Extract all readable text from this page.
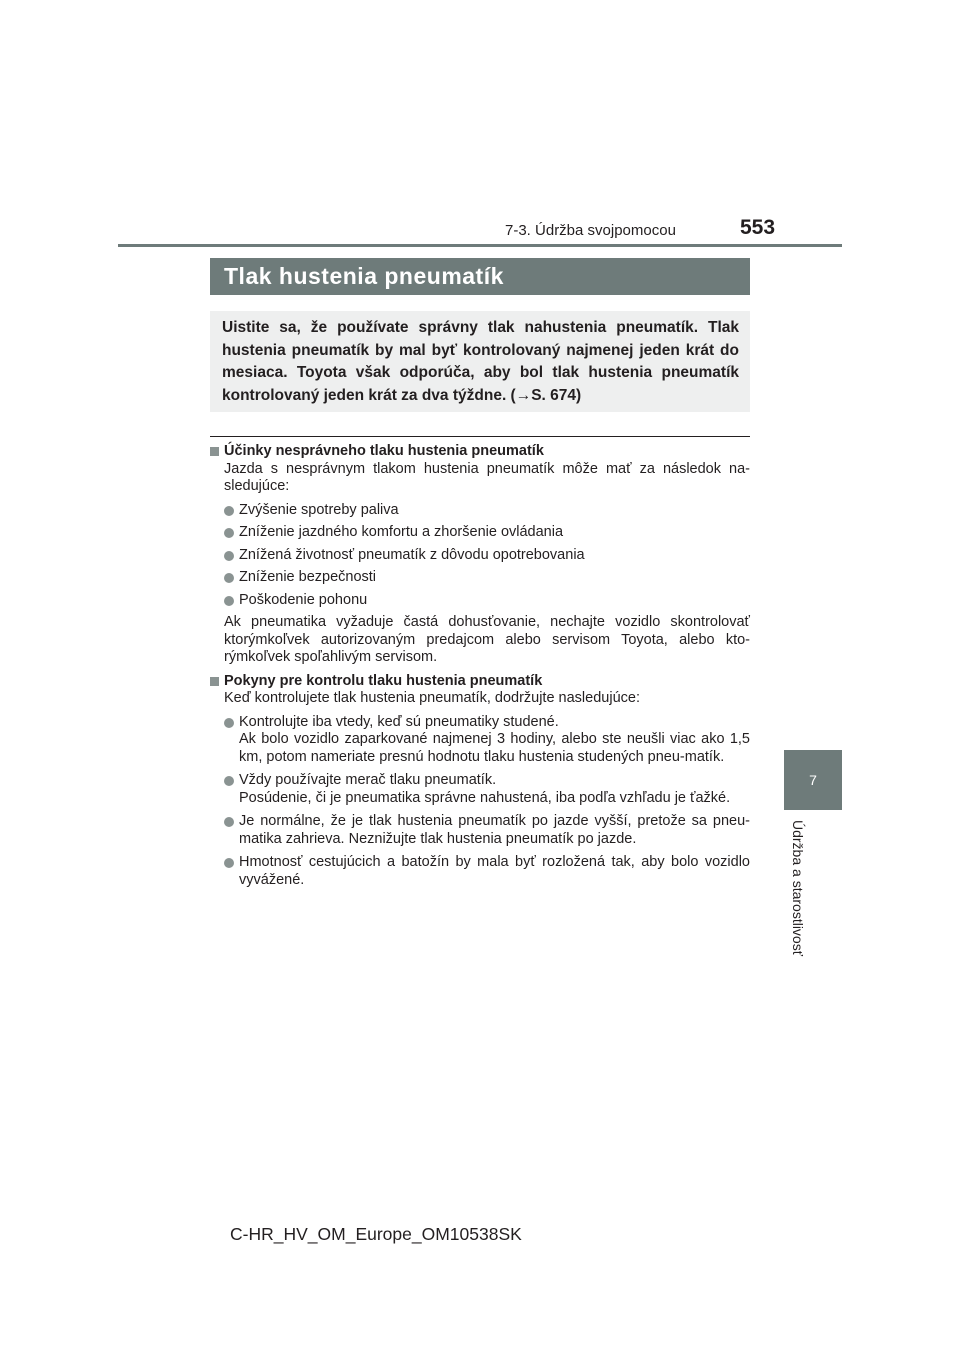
7-3. Údržba svojpomocou	553
7
Údržba a starostlivosť
Tlak hustenia pneumatík
Uistite sa, že používate správny tlak nahustenia pneumatík. Tlak hustenia pneumatík by mal byť kontrolovaný najmenej jeden krát do mesiaca. Toyota však odporúča, aby bol tlak hustenia pneumatík kontrolovaný jeden krát za dva týždne. (→S. 674)

Účinky nesprávneho tlaku hustenia pneumatík

Jazda s nesprávnym tlakom hustenia pneumatík môže mať za následok na-sledujúce:

Zvýšenie spotreby paliva

Zníženie jazdného komfortu a zhoršenie ovládania

Znížená životnosť pneumatík z dôvodu opotrebovania

Zníženie bezpečnosti

Poškodenie pohonu

Ak pneumatika vyžaduje častá dohusťovanie, nechajte vozidlo skontrolovať ktorýmkoľvek autorizovaným predajcom alebo servisom Toyota, alebo kto-rýmkoľvek spoľahlivým servisom.

Pokyny pre kontrolu tlaku hustenia pneumatík

Keď kontrolujete tlak hustenia pneumatík, dodržujte nasledujúce:

Kontrolujte iba vtedy, keď sú pneumatiky studené.
Ak bolo vozidlo zaparkované najmenej 3 hodiny, alebo ste neušli viac ako 1,5 km, potom nameriate presnú hodnotu tlaku hustenia studených pneu-matík.

Vždy používajte merač tlaku pneumatík.
Posúdenie, či je pneumatika správne nahustená, iba podľa vzhľadu je ťažké.

Je normálne, že je tlak hustenia pneumatík po jazde vyšší, pretože sa pneu-matika zahrieva. Neznižujte tlak hustenia pneumatík po jazde.

Hmotnosť cestujúcich a batožín by mala byť rozložená tak, aby bolo vozidlo vyvážené.

C-HR_HV_OM_Europe_OM10538SK
